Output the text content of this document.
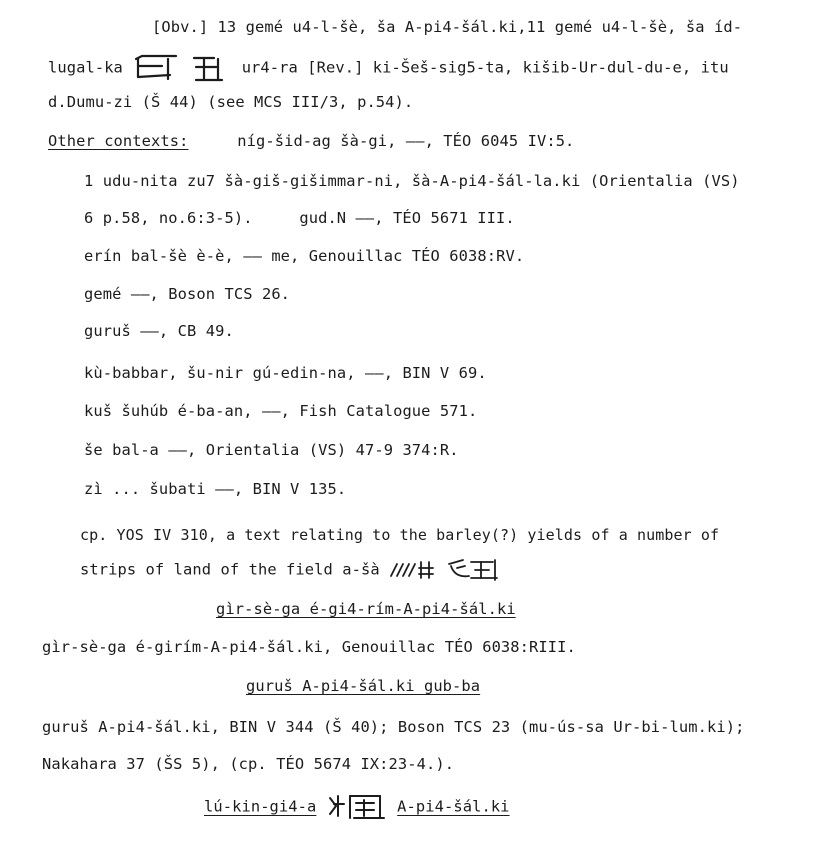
[Obv.] 13 gemé u4-l-šè, ša A-pi4-šál.ki,11 gemé u4-l-šè, ša íd-
lugal-ka	ur4-ra [Rev.] ki-Šeš-sig5-ta, kišib-Ur-dul-du-e, itu
d.Dumu-zi (Š 44) (see MCS III/3, p.54).
Other contexts:	níg-šid-ag šà-gi, ——, TÉO 6045 IV:5.
1 udu-nita zu7 šà-giš-gišimmar-ni, šà-A-pi4-šál-la.ki (Orientalia (VS)
6 p.58, no.6:3-5).	gud.N ——, TÉO 5671 III.
erín bal-šè è-è, —— me, Genouillac TÉO 6038:RV.
gemé ——, Boson TCS 26.
guruš ——, CB 49.
kù-babbar, šu-nir gú-edin-na, ——, BIN V 69.
kuš šuhúb é-ba-an, ——, Fish Catalogue 571.
še bal-a ——, Orientalia (VS) 47-9 374:R.
zì ... šubati ——, BIN V 135.
cp. YOS IV 310, a text relating to the barley(?) yields of a number of
strips of land of the field a-šà
gìr-sè-ga é-gi4-rím-A-pi4-šál.ki
gìr-sè-ga é-girím-A-pi4-šál.ki, Genouillac TÉO 6038:RIII.
guruš A-pi4-šál.ki gub-ba
guruš A-pi4-šál.ki, BIN V 344 (Š 40); Boson TCS 23 (mu-ús-sa Ur-bi-lum.ki);
Nakahara 37 (ŠS 5), (cp. TÉO 5674 IX:23-4.).
lú-kin-gi4-a	A-pi4-šál.ki
